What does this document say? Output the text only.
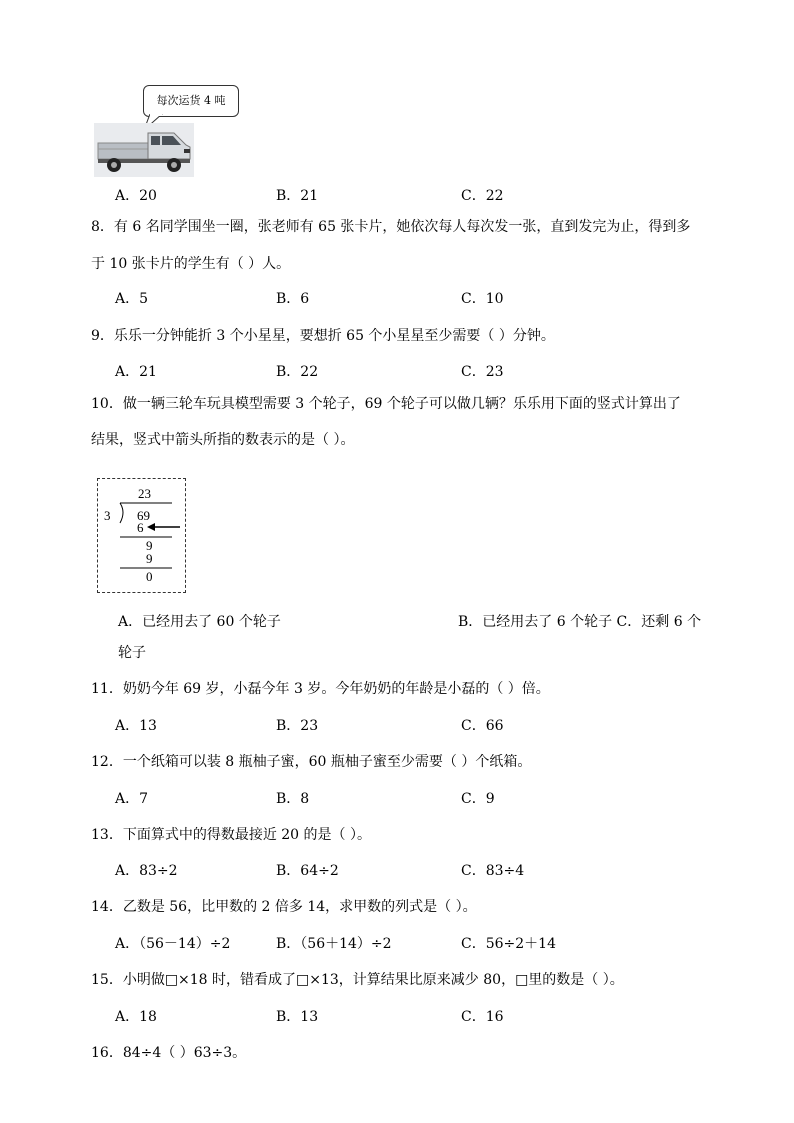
每次运货 4 吨
A．20	B．21	C．22
8．有 6 名同学围坐一圈，张老师有 65 张卡片，她依次每人每次发一张，直到发完为止，得到多
于 10 张卡片的学生有（ ）人。
A．5	B．6	C．10
9．乐乐一分钟能折 3 个小星星，要想折 65 个小星星至少需要（ ）分钟。
A．21	B．22	C．23
10．做一辆三轮车玩具模型需要 3 个轮子，69 个轮子可以做几辆？乐乐用下面的竖式计算出了
结果，竖式中箭头所指的数表示的是（ ）。
23
3 69
6
9
9
0
A．已经用去了 60 个轮子	B．已经用去了 6 个轮子 C．还剩 6 个
轮子
11．奶奶今年 69 岁，小磊今年 3 岁。今年奶奶的年龄是小磊的（ ）倍。
A．13	B．23	C．66
12．一个纸箱可以装 8 瓶柚子蜜，60 瓶柚子蜜至少需要（ ）个纸箱。
A．7	B．8	C．9
13．下面算式中的得数最接近 20 的是（ ）。
A．83÷2	B．64÷2	C．83÷4
14．乙数是 56，比甲数的 2 倍多 14，求甲数的列式是（ ）。
A．（56－14）÷2	B．（56＋14）÷2	C．56÷2＋14
15．小明做□×18 时，错看成了□×13，计算结果比原来减少 80，□里的数是（ ）。
A．18	B．13	C．16
16．84÷4（ ）63÷3。
